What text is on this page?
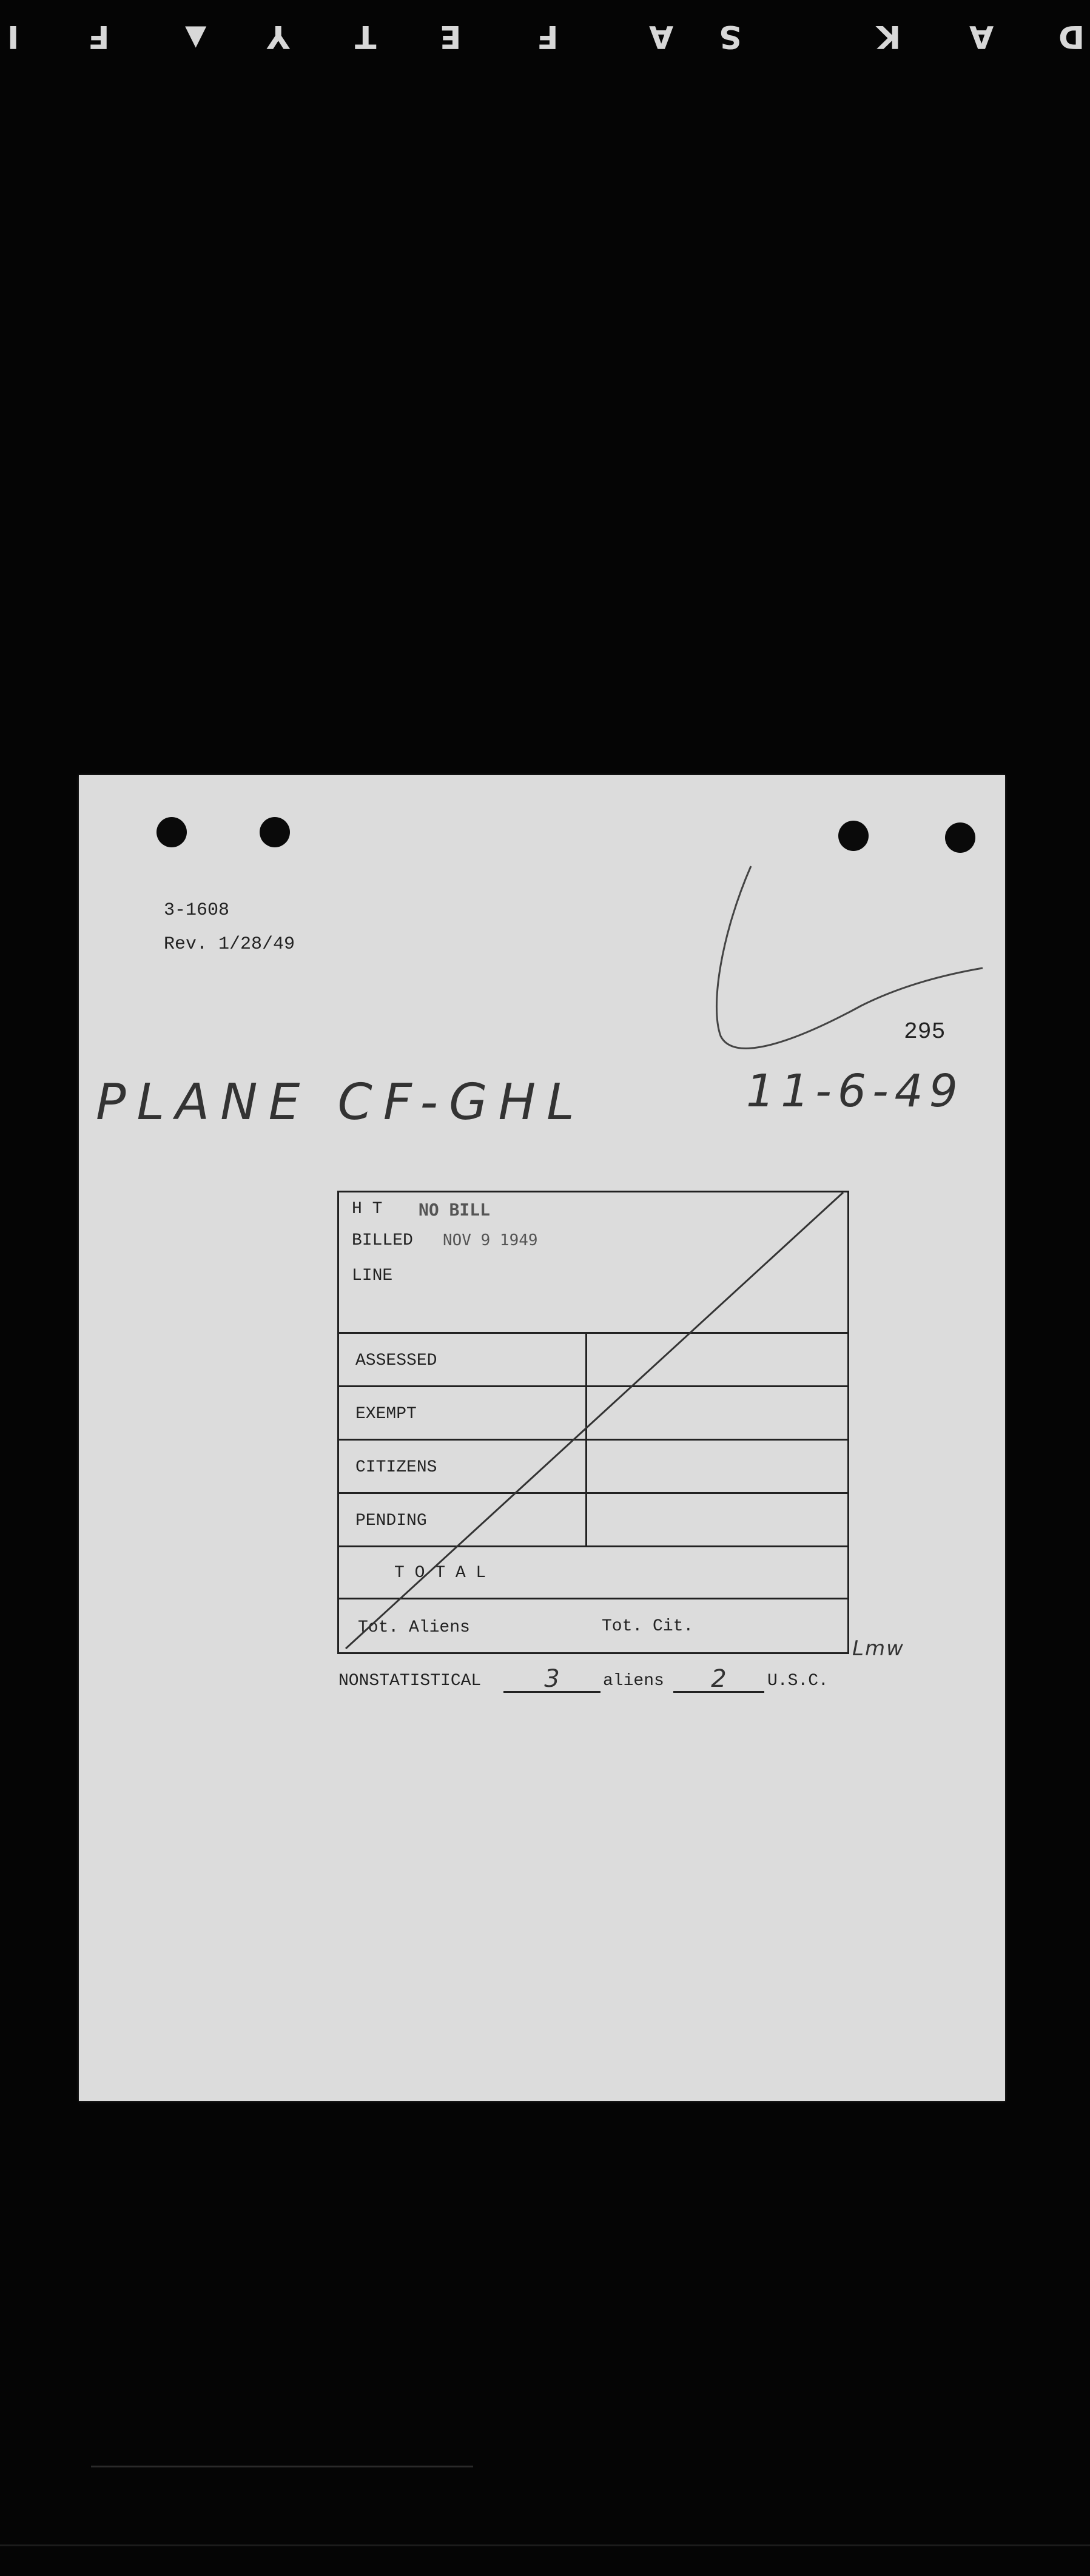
D
A
K
S
A
F
E
T
Y
▼
F
I
3-1608
Rev. 1/28/49
295
PLANE CF-GHL	11-6-49
H T NO BILL
BILLED NOV 9 1949
LINE
ASSESSED
EXEMPT
CITIZENS
PENDING
T O T A L
Tot. Aliens	Tot. Cit.
Lmw
NONSTATISTICAL	3	aliens	2	U.S.C.
